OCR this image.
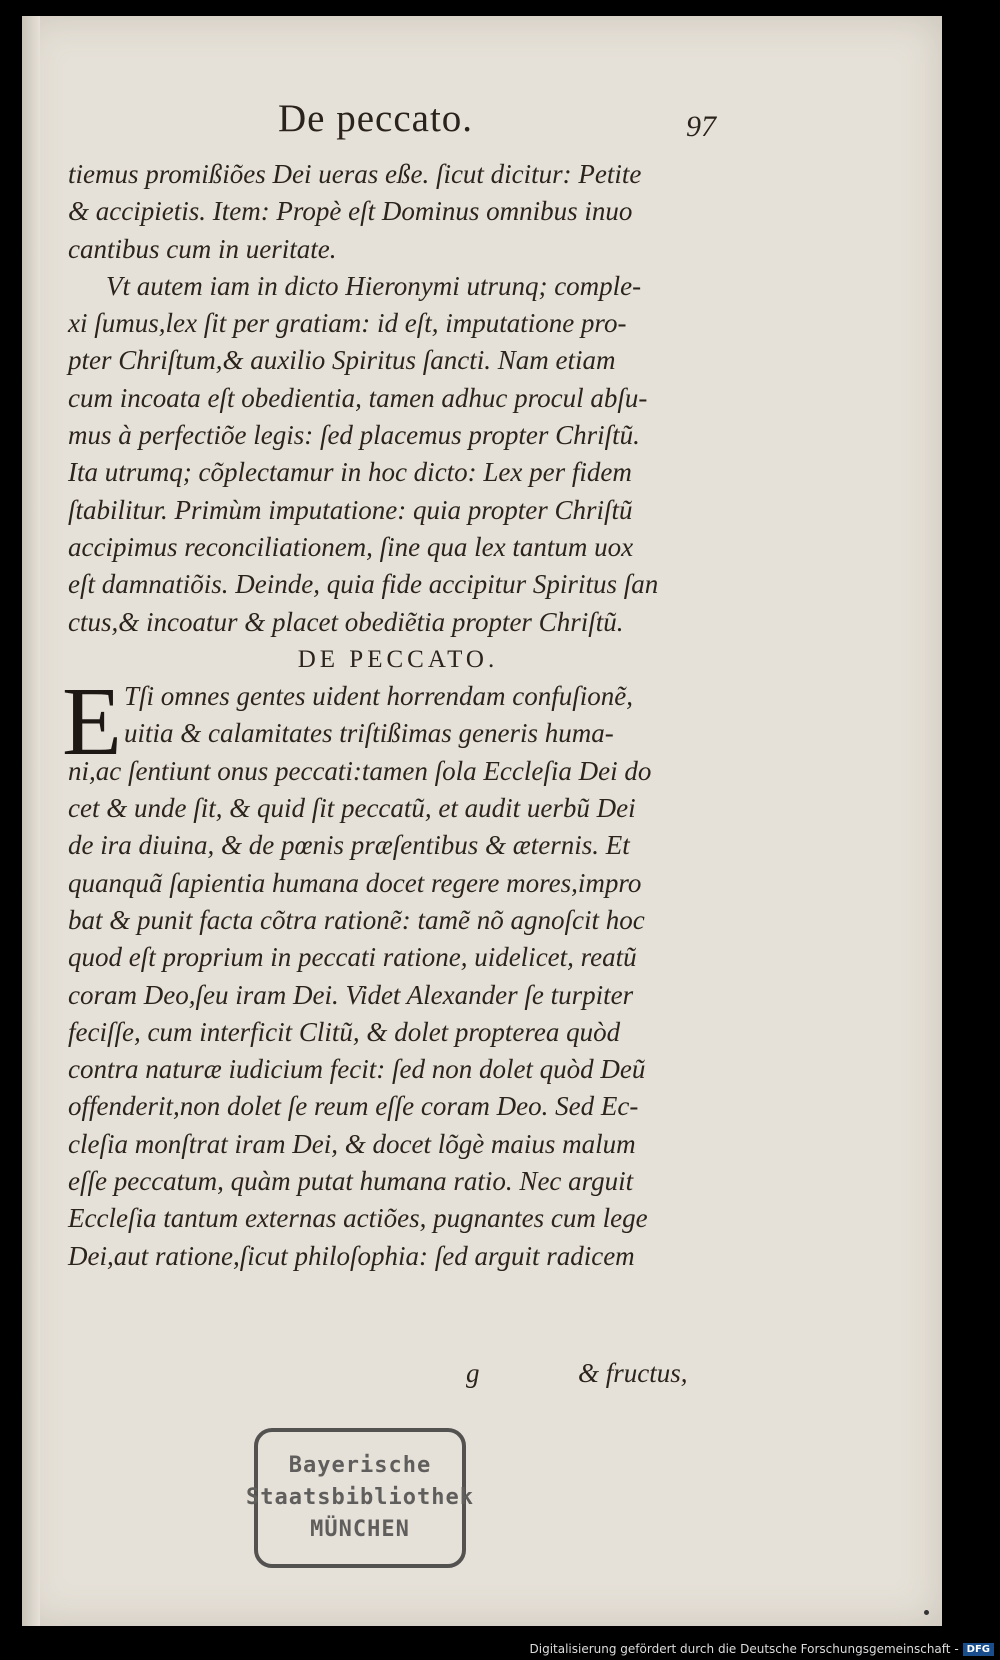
De peccato.	97
tiemus promißiões Dei ueras eße. ſicut dicitur: Petite
& accipietis. Item: Propè eſt Dominus omnibus inuo
cantibus cum in ueritate.
Vt autem iam in dicto Hieronymi utrunq; comple-
xi ſumus,lex ſit per gratiam: id eſt, imputatione pro-
pter Chriſtum,& auxilio Spiritus ſancti. Nam etiam
cum incoata eſt obedientia, tamen adhuc procul abſu-
mus à perfectiõe legis: ſed placemus propter Chriſtũ.
Ita utrumq; cõplectamur in hoc dicto: Lex per fidem
ſtabilitur. Primùm imputatione: quia propter Chriſtũ
accipimus reconciliationem, ſine qua lex tantum uox
eſt damnatiõis. Deinde, quia fide accipitur Spiritus ſan
ctus,& incoatur & placet obediẽtia propter Chriſtũ.
DE PECCATO.
E Tſi omnes gentes uident horrendam confuſionẽ,
uitia & calamitates triſtißimas generis huma-
ni,ac ſentiunt onus peccati:tamen ſola Eccleſia Dei do
cet & unde ſit, & quid ſit peccatũ, et audit uerbũ Dei
de ira diuina, & de pœnis præſentibus & æternis. Et
quanquã ſapientia humana docet regere mores,impro
bat & punit facta cõtra rationẽ: tamẽ nõ agnoſcit hoc
quod eſt proprium in peccati ratione, uidelicet, reatũ
coram Deo,ſeu iram Dei. Videt Alexander ſe turpiter
feciſſe, cum interficit Clitũ, & dolet propterea quòd
contra naturæ iudicium fecit: ſed non dolet quòd Deũ
offenderit,non dolet ſe reum eſſe coram Deo. Sed Ec-
cleſia monſtrat iram Dei, & docet lõgè maius malum
eſſe peccatum, quàm putat humana ratio. Nec arguit
Eccleſia tantum externas actiões, pugnantes cum lege
Dei,aut ratione,ſicut philoſophia: ſed arguit radicem
g	& fructus,
Bayerische
Staatsbibliothek
MÜNCHEN
Digitalisierung gefördert durch die Deutsche Forschungsgemeinschaft - DFG
